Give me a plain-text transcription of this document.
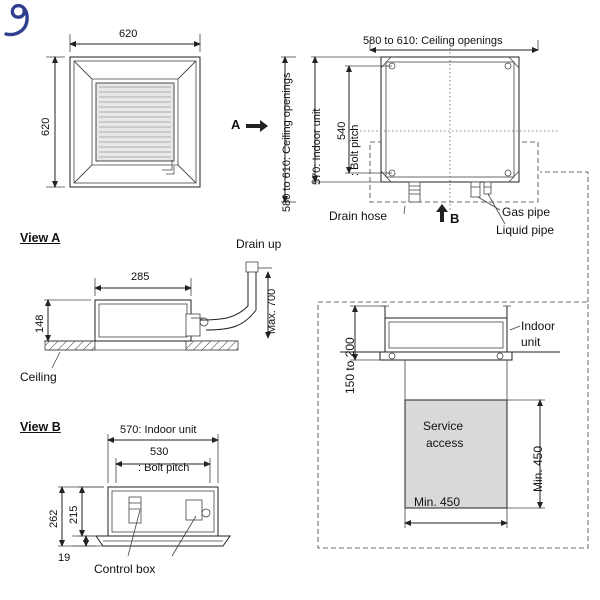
620
620	A
580 to 610: Ceiling openings
580 to 610: Ceiling openings 570: Indoor unit 540 : Bolt pitch
Drain hose	Gas pipe
Liquid pipe
B
View A
285
148
Drain up
Max. 700
Ceiling
View B	570: Indoor unit
530
: Bolt pitch
262 215
19
Control box
Indoor
unit
150 to 200
Min. 450
Min. 450
Service
access
